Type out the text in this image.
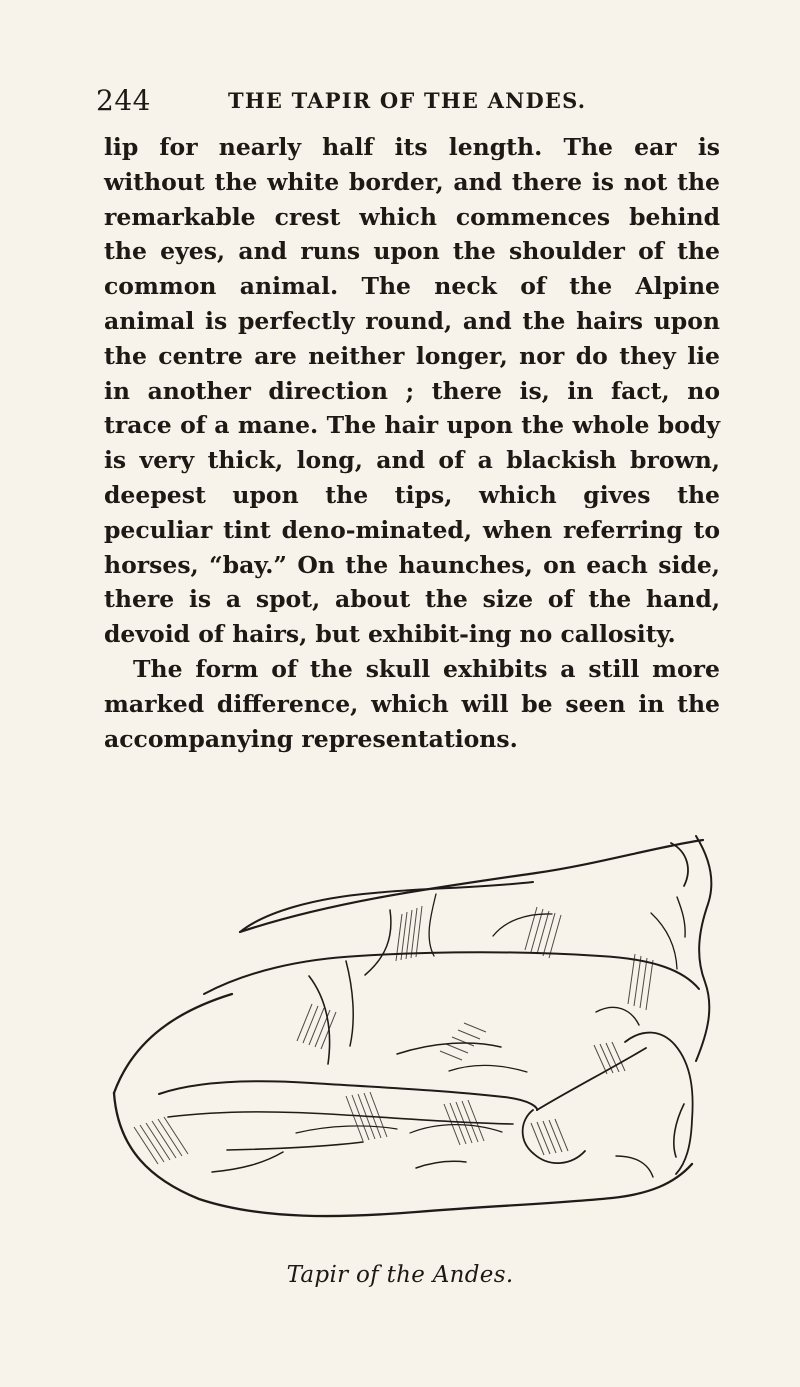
244	THE TAPIR OF THE ANDES.

lip for nearly half its length. The ear is without the white border, and there is not the remarkable crest which commences behind the eyes, and runs upon the shoulder of the common animal. The neck of the Alpine animal is perfectly round, and the hairs upon the centre are neither longer, nor do they lie in another direction ; there is, in fact, no trace of a mane. The hair upon the whole body is very thick, long, and of a blackish brown, deepest upon the tips, which gives the peculiar tint deno-minated, when referring to horses, “bay.” On the haunches, on each side, there is a spot, about the size of the hand, devoid of hairs, but exhibit-ing no callosity.

The form of the skull exhibits a still more marked difference, which will be seen in the accompanying representations.

Tapir of the Andes.
